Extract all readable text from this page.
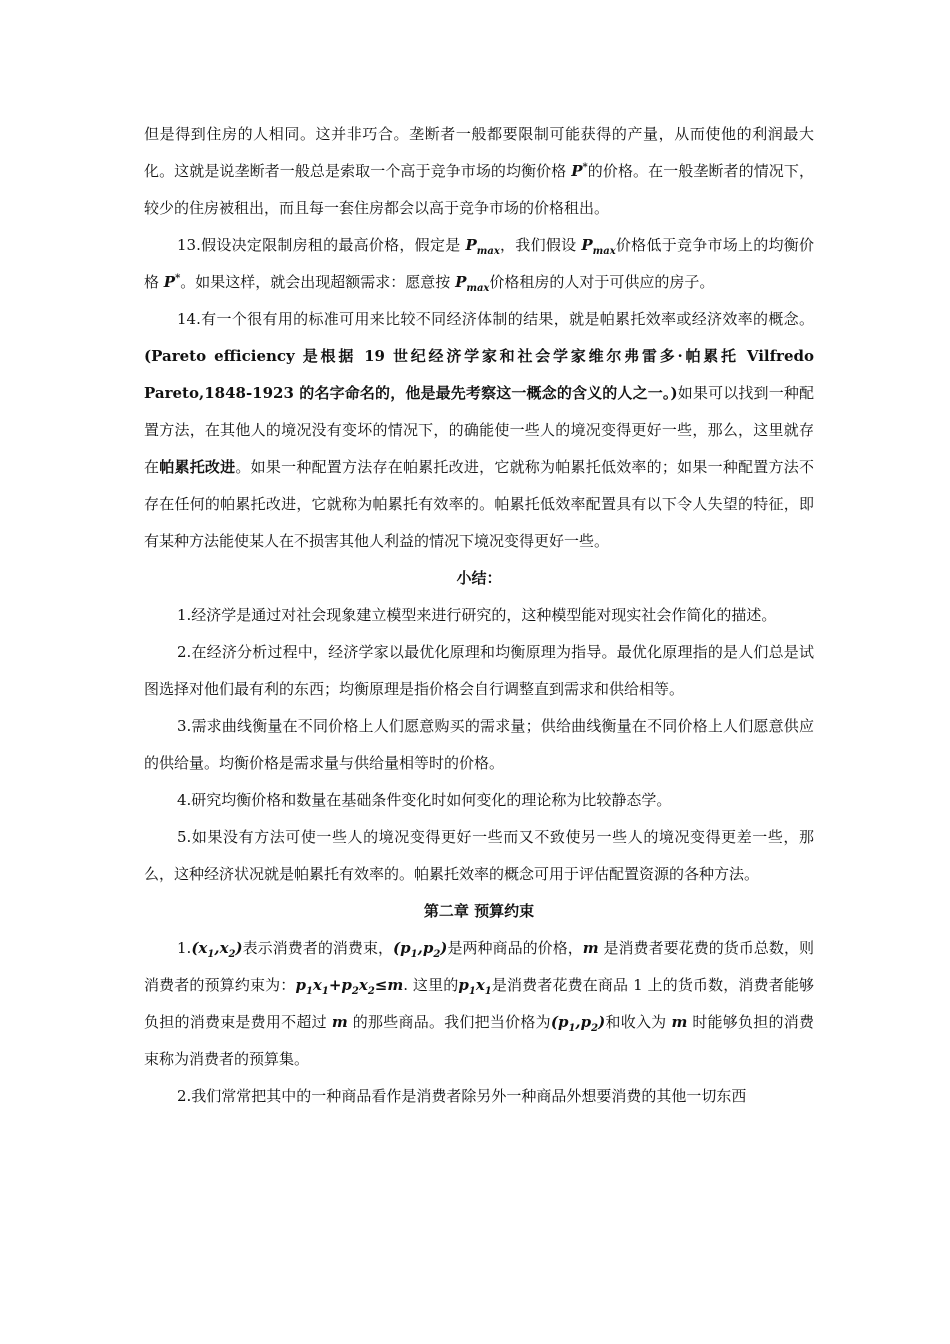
但是得到住房的人相同。这并非巧合。垄断者一般都要限制可能获得的产量，从而使他的利润最大化。这就是说垄断者一般总是索取一个高于竞争市场的均衡价格 P*的价格。在一般垄断者的情况下，较少的住房被租出，而且每一套住房都会以高于竞争市场的价格租出。

13.假设决定限制房租的最高价格，假定是 $P_{max}$，我们假设 $P_{max}$价格低于竞争市场上的均衡价格 P*。如果这样，就会出现超额需求：愿意按 $P_{max}$价格租房的人对于可供应的房子。

14.有一个很有用的标准可用来比较不同经济体制的结果，就是帕累托效率或经济效率的概念。(Pareto efficiency 是根据 19 世纪经济学家和社会学家维尔弗雷多·帕累托 Vilfredo Pareto,1848-1923 的名字命名的，他是最先考察这一概念的含义的人之一。)如果可以找到一种配置方法，在其他人的境况没有变坏的情况下，的确能使一些人的境况变得更好一些，那么，这里就存在帕累托改进。如果一种配置方法存在帕累托改进，它就称为帕累托低效率的；如果一种配置方法不存在任何的帕累托改进，它就称为帕累托有效率的。帕累托低效率配置具有以下令人失望的特征，即有某种方法能使某人在不损害其他人利益的情况下境况变得更好一些。

小结：

1.经济学是通过对社会现象建立模型来进行研究的，这种模型能对现实社会作简化的描述。

2.在经济分析过程中，经济学家以最优化原理和均衡原理为指导。最优化原理指的是人们总是试图选择对他们最有利的东西；均衡原理是指价格会自行调整直到需求和供给相等。

3.需求曲线衡量在不同价格上人们愿意购买的需求量；供给曲线衡量在不同价格上人们愿意供应的供给量。均衡价格是需求量与供给量相等时的价格。

4.研究均衡价格和数量在基础条件变化时如何变化的理论称为比较静态学。

5.如果没有方法可使一些人的境况变得更好一些而又不致使另一些人的境况变得更差一些，那么，这种经济状况就是帕累托有效率的。帕累托效率的概念可用于评估配置资源的各种方法。

第二章 预算约束

$1.(x_1,x_2)$表示消费者的消费束，$(p_1,p_2)$是两种商品的价格，m 是消费者要花费的货币总数，则消费者的预算约束为：$p_1x_1+p_2x_2\le m$. 这里的$p_1x_1$是消费者花费在商品 1 上的货币数，消费者能够负担的消费束是费用不超过 m 的那些商品。我们把当价格为$(p_1,p_2)$和收入为 m 时能够负担的消费束称为消费者的预算集。

2.我们常常把其中的一种商品看作是消费者除另外一种商品外想要消费的其他一切东西
